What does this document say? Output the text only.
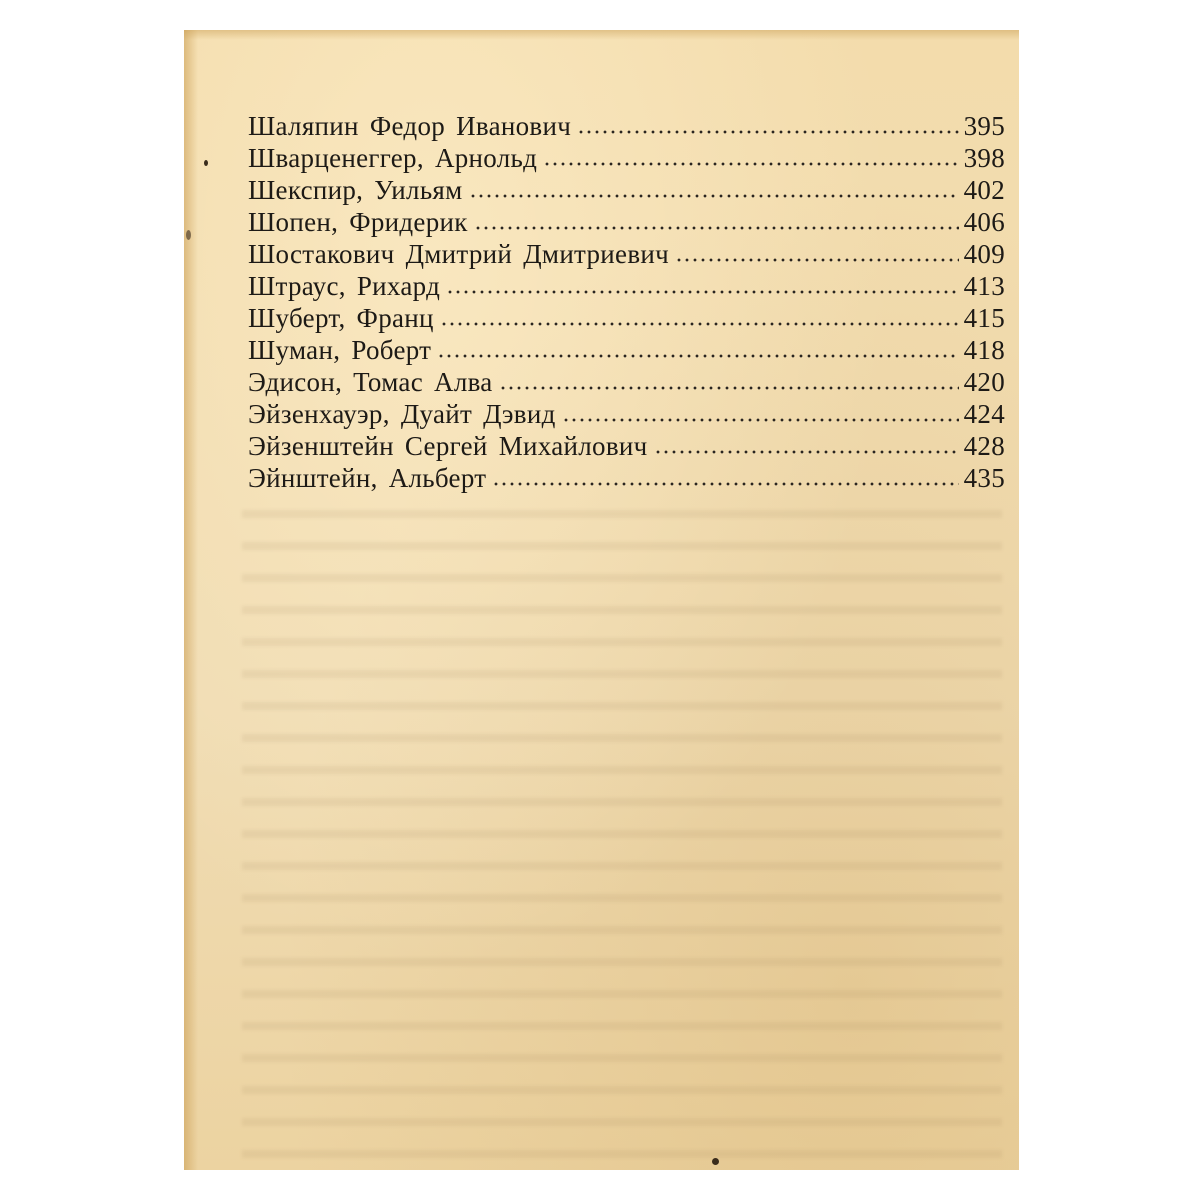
Шаляпин Федор Иванович	395
Шварценеггер, Арнольд	398
Шекспир, Уильям	402
Шопен, Фридерик	406
Шостакович Дмитрий Дмитриевич	409
Штраус, Рихард	413
Шуберт, Франц	415
Шуман, Роберт	418
Эдисон, Томас Алва	420
Эйзенхауэр, Дуайт Дэвид	424
Эйзенштейн Сергей Михайлович	428
Эйнштейн, Альберт	435
